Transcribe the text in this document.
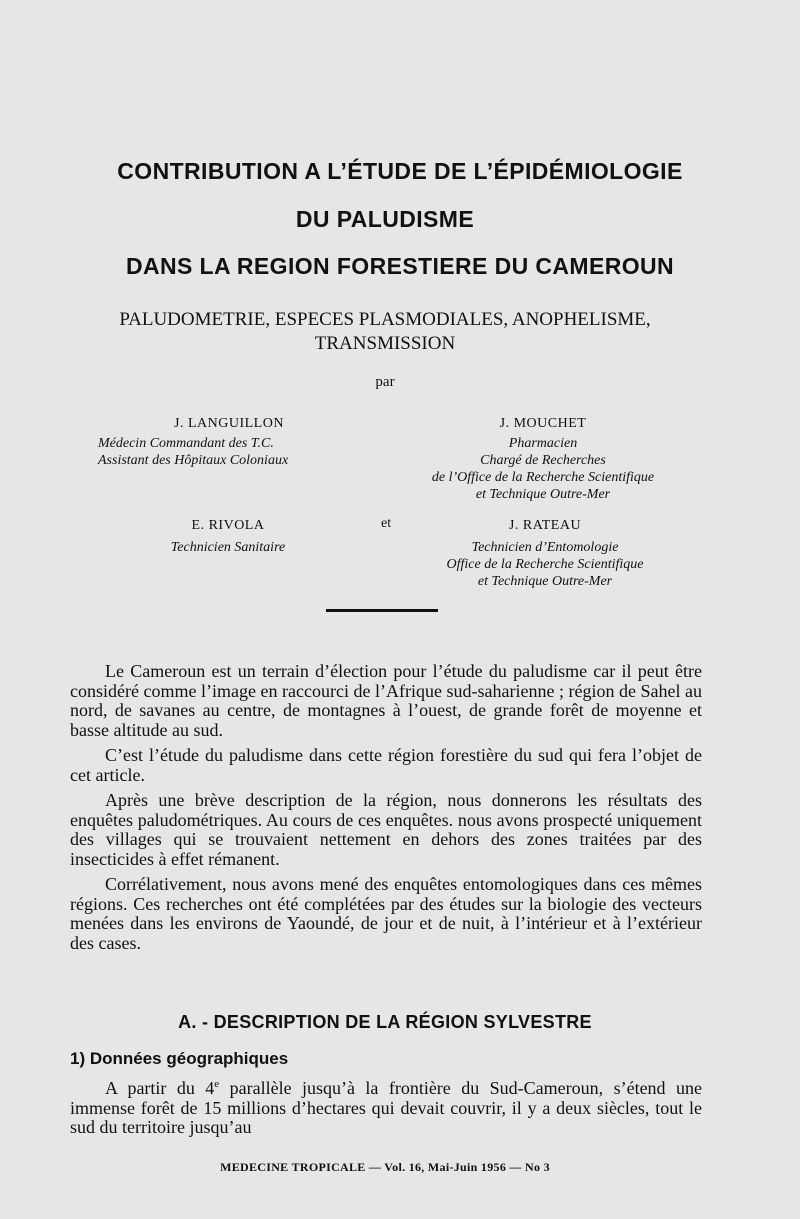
CONTRIBUTION A L’ÉTUDE DE L’ÉPIDÉMIOLOGIE
DU PALUDISME
DANS LA REGION FORESTIERE DU CAMEROUN
PALUDOMETRIE, ESPECES PLASMODIALES, ANOPHELISME,
TRANSMISSION
par
J. LANGUILLON
Médecin Commandant des T.C.
Assistant des Hôpitaux Coloniaux
J. MOUCHET
Pharmacien
Chargé de Recherches
de l’Office de la Recherche Scientifique
et Technique Outre-Mer
E. RIVOLA
Technicien Sanitaire
et	J. RATEAU
Technicien d’Entomologie
Office de la Recherche Scientifique
et Technique Outre-Mer

Le Cameroun est un terrain d’élection pour l’étude du paludisme car il peut être considéré comme l’image en raccourci de l’Afrique sud-saharienne ; région de Sahel au nord, de savanes au centre, de montagnes à l’ouest, de grande forêt de moyenne et basse altitude au sud.

C’est l’étude du paludisme dans cette région forestière du sud qui fera l’objet de cet article.

Après une brève description de la région, nous donnerons les résultats des enquêtes paludométriques. Au cours de ces enquêtes. nous avons prospecté uniquement des villages qui se trouvaient nettement en dehors des zones traitées par des insecticides à effet rémanent.

Corrélativement, nous avons mené des enquêtes entomologiques dans ces mêmes régions. Ces recherches ont été complétées par des études sur la biologie des vecteurs menées dans les environs de Yaoundé, de jour et de nuit, à l’intérieur et à l’extérieur des cases.

A. - DESCRIPTION DE LA RÉGION SYLVESTRE
1) Données géographiques

A partir du 4e parallèle jusqu’à la frontière du Sud-Cameroun, s’étend une immense forêt de 15 millions d’hectares qui devait couvrir, il y a deux siècles, tout le sud du territoire jusqu’au

MEDECINE TROPICALE — Vol. 16, Mai-Juin 1956 — No 3
